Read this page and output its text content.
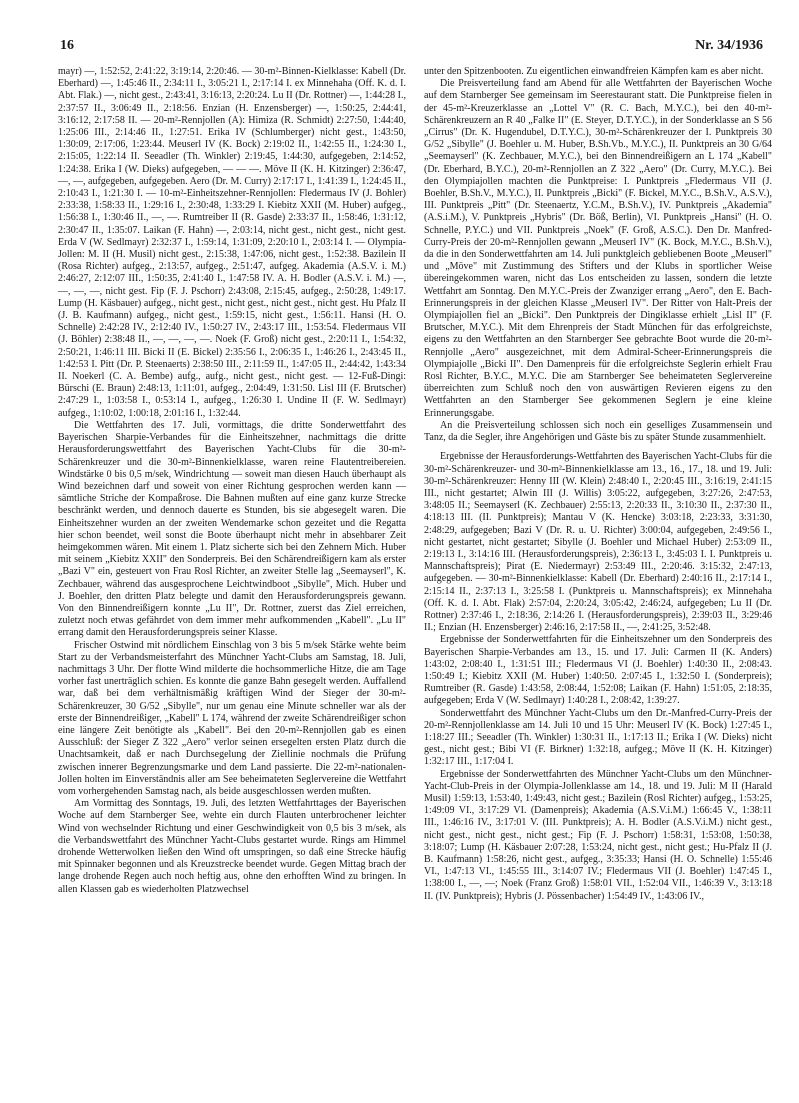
16	Nr. 34/1936

mayr) —, 1:52:52, 2:41:22, 3:19:14, 2:20:46. — 30-m²-Binnen-Kielklasse: Kabell (Dr. Eberhard) —, 1:45:46 II., 2:34:11 I., 3:05:21 I., 2:17:14 I. ex Minnehaha (Off. K. d. I. Abt. Flak.) —, nicht gest., 2:43:41, 3:16:13, 2:20:24. Lu II (Dr. Rottner) —, 1:44:28 I., 2:37:57 II., 3:06:49 II., 2:18:56. Enzian (H. Enzensberger) —, 1:50:25, 2:44:41, 3:16:12, 2:17:58 II. — 20-m²-Rennjollen (A): Himiza (R. Schmidt) 2:27:50, 1:44:40, 1:25:06 III., 2:14:46 II., 1:27:51. Erika IV (Schlumberger) nicht gest., 1:43:50, 1:30:09, 2:17:06, 1:23:44. Meuserl IV (K. Bock) 2:19:02 II., 1:42:55 II., 1:24:30 I., 2:15:05, 1:22:14 II. Seeadler (Th. Winkler) 2:19:45, 1:44:30, aufgegeben, 2:14:52, 1:24:38. Erika I (W. Dieks) aufgegeben, — — —. Möve II (K. H. Kitzinger) 2:36:47, —, —, aufgegeben, aufgegeben. Aero (Dr. M. Curry) 2:17:17 I., 1:41:39 I., 1:24:45 II., 2:10:43 I., 1:21:30 I. — 10-m²-Einheitszehner-Rennjollen: Fledermaus IV (J. Bohler) 2:33:38, 1:58:33 II., 1:29:16 I., 2:30:48, 1:33:29 I. Kiebitz XXII (M. Huber) aufgeg., 1:56:38 I., 1:30:46 II., —, —. Rumtreiber II (R. Gasde) 2:33:37 II., 1:58:46, 1:31:12, 2:30:47 II., 1:35:07. Laikan (F. Hahn) —, 2:03:14, nicht gest., nicht gest., nicht gest. Erda V (W. Sedlmayr) 2:32:37 I., 1:59:14, 1:31:09, 2:20:10 I., 2:03:14 I. — Olympia-Jollen: M. II (H. Musil) nicht gest., 2:15:38, 1:47:06, nicht gest., 1:52:38. Bazilein II (Rosa Richter) aufgeg., 2:13:57, aufgeg., 2:51:47, aufgeg. Akademia (A.S.V. i. M.) 2:46:27, 2:12:07 III., 1:50:35, 2:41:40 I., 1:47:58 IV. A. H. Bodler (A.S.V. i. M.) —, —, —, —, nicht gest. Fip (F. J. Pschorr) 2:43:08, 2:15:45, aufgeg., 2:50:28, 1:49:17. Lump (H. Käsbauer) aufgeg., nicht gest., nicht gest., nicht gest., nicht gest. Hu Pfalz II (J. B. Kaufmann) aufgeg., nicht gest., 1:59:15, nicht gest., 1:56:11. Hansi (H. O. Schnelle) 2:42:28 IV., 2:12:40 IV., 1:50:27 IV., 2:43:17 III., 1:53:54. Fledermaus VII (J. Böhler) 2:38:48 II., —, —, —, —. Noek (F. Groß) nicht gest., 2:20:11 I., 1:54:32, 2:50:21, 1:46:11 III. Bicki II (E. Bickel) 2:35:56 I., 2:06:35 I., 1:46:26 I., 2:43:45 II., 1:42:53 I. Pitt (Dr. P. Steenaerts) 2:38:50 III., 2:11:59 II., 1:47:05 II., 2:44:42, 1:43:34 II. Noekerl (C. A. Bembe) aufg., aufg., nicht gest., nicht gest. — 12-Fuß-Dingi: Bürschi (E. Braun) 2:48:13, 1:11:01, aufgeg., 2:04:49, 1:31:50. Lisl III (F. Brutscher) 2:47:29 I., 1:03:58 I., 0:53:14 I., aufgeg., 1:26:30 I. Undine II (F. W. Sedlmayr) aufgeg., 1:10:02, 1:00:18, 2:01:16 I., 1:32:44.

Die Wettfahrten des 17. Juli, vormittags, die dritte Sonderwettfahrt des Bayerischen Sharpie-Verbandes für die Einheitszehner, nachmittags die dritte Herausforderungswettfahrt des Bayerischen Yacht-Clubs für die 30-m²-Schärenkreuzer und die 30-m²-Binnenkielklasse, waren reine Flautentreibereien. Windstärke 0 bis 0,5 m/sek, Windrichtung — soweit man diesen Hauch überhaupt als Wind bezeichnen darf und soweit von einer Richtung gesprochen werden kann — sämtliche Striche der Kompaßrose. Die Bahnen mußten auf eine ganz kurze Strecke beschränkt werden, und dennoch dauerte es Stunden, bis sie abgesegelt waren. Die Einheitszehner wurden an der zweiten Wendemarke schon gezeitet und die Regatta hier schon beendet, weil sonst die Boote überhaupt nicht mehr in absehbarer Zeit heimgekommen wären. Mit einem 1. Platz sicherte sich bei den Zehnern Mich. Huber mit seinem „Kiebitz XXII" den Sonderpreis. Bei den Schärendreißigern kam als erster „Bazi V" ein, gesteuert von Frau Rosl Richter, an zweiter Stelle lag „Seemayserl", K. Zechbauer, während das ausgesprochene Leichtwindboot „Sibylle", Mich. Huber und J. Boehler, den dritten Platz belegte und damit den Herausforderungspreis gewann. Von den Binnendreißigern konnte „Lu II", Dr. Rottner, zuerst das Ziel erreichen, zuletzt noch etwas gefährdet von dem immer mehr aufkommenden „Kabell". „Lu II" errang damit den Herausforderungspreis seiner Klasse.

Frischer Ostwind mit nördlichem Einschlag von 3 bis 5 m/sek Stärke wehte beim Start zu der Verbandsmeisterfahrt des Münchner Yacht-Clubs am Samstag, 18. Juli, nachmittags 3 Uhr. Der flotte Wind milderte die hochsommerliche Hitze, die am Tage vorher fast unerträglich schien. Es konnte die ganze Bahn gesegelt werden. Auffallend war, daß bei dem verhältnismäßig kräftigen Wind der Sieger der 30-m²-Schärenkreuzer, 30 G/52 „Sibylle", nur um genau eine Minute schneller war als der erste der Binnendreißiger, „Kabell" L 174, während der zweite Schärendreißiger schon eine längere Zeit benötigte als „Kabell". Bei den 20-m²-Rennjollen gab es einen Ausschluß: der Sieger Z 322 „Aero" verlor seinen ersegelten ersten Platz durch die Unachtsamkeit, daß er nach Durchsegelung der Ziellinie nochmals die Prüfung zwischen innerer Begrenzungsmarke und dem Land passierte. Die 22-m²-nationalen-Jollen holten im Einverständnis aller am See beheimateten Seglervereine die Wettfahrt vom vorhergehenden Samstag nach, als beide ausgeschlossen werden mußten.

Am Vormittag des Sonntags, 19. Juli, des letzten Wettfahrttages der Bayerischen Woche auf dem Starnberger See, wehte ein durch Flauten unterbrochener leichter Wind von wechselnder Richtung und einer Geschwindigkeit von 0,5 bis 3 m/sek, als die Verbandswettfahrt des Münchner Yacht-Clubs gestartet wurde. Rings am Himmel drohende Wetterwolken ließen den Wind oft umspringen, so daß eine Strecke häufig mit Spinnaker begonnen und als Kreuzstrecke beendet wurde. Gegen Mittag brach der lange drohende Regen auch noch heftig aus, ohne den erhofften Wind zu bringen. In allen Klassen gab es wiederholten Platzwechsel

unter den Spitzenbooten. Zu eigentlichen einwandfreien Kämpfen kam es aber nicht.

Die Preisverteilung fand am Abend für alle Wettfahrten der Bayerischen Woche auf dem Starnberger See gemeinsam im Seerestaurant statt. Die Punktpreise fielen in der 45-m²-Kreuzerklasse an „Lottel V" (R. C. Bach, M.Y.C.), bei den 40-m²-Schärenkreuzern an R 40 „Falke II" (E. Steyer, D.T.Y.C.), in der Sonderklasse an S 56 „Cirrus" (Dr. K. Hugendubel, D.T.Y.C.), 30-m²-Schärenkreuzer der I. Punktpreis 30 G/52 „Sibylle" (J. Boehler u. M. Huber, B.Sh.Vb., M.Y.C.), II. Punktpreis an 30 G/64 „Seemayserl" (K. Zechbauer, M.Y.C.), bei den Binnendreißigern an L 174 „Kabell" (Dr. Eberhard, B.Y.C.), 20-m²-Rennjollen an Z 322 „Aero" (Dr. Curry, M.Y.C.). Bei den Olympiajollen machten die Punktpreise: I. Punktpreis „Fledermaus VII (J. Boehler, B.Sh.V., M.Y.C.), II. Punktpreis „Bicki" (F. Bickel, M.Y.C., B.Sh.V., A.S.V.), III. Punktpreis „Pitt" (Dr. Steenaertz, Y.C.M., B.Sh.V.), IV. Punktpreis „Akademia" (A.S.i.M.), V. Punktpreis „Hybris" (Dr. Böß, Berlin), VI. Punktpreis „Hansi" (H. O. Schnelle, P.Y.C.) und VII. Punktpreis „Noek" (F. Groß, A.S.C.). Den Dr. Manfred-Curry-Preis der 20-m²-Rennjollen gewann „Meuserl IV" (K. Bock, M.Y.C., B.Sh.V.), da die in den Sonderwettfahrten am 14. Juli punktgleich gebliebenen Boote „Meuserl" und „Möve" mit Zustimmung des Stifters und der Klubs in sportlicher Weise übereingekommen waren, nicht das Los entscheiden zu lassen, sondern die letzte Wettfahrt am Sonntag. Den M.Y.C.-Preis der Zwanziger errang „Aero", den E. Bach-Erinnerungspreis in der gleichen Klasse „Meuserl IV". Der Ritter von Halt-Preis der Olympiajollen fiel an „Bicki". Den Punktpreis der Dingiklasse erhielt „Lisl II" (F. Brutscher, M.Y.C.). Mit dem Ehrenpreis der Stadt München für das erfolgreichste, eigens zu den Wettfahrten an den Starnberger See gebrachte Boot wurde die 20-m²-Rennjolle „Aero" ausgezeichnet, mit dem Admiral-Scheer-Erinnerungspreis die Olympiajolle „Bicki II". Den Damenpreis für die erfolgreichste Seglerin erhielt Frau Rosl Richter, B.Y.C., M.Y.C. Die am Starnberger See beheimateten Seglervereine überreichten zum Schluß noch den von auswärtigen Revieren eigens zu den Wettfahrten an den Starnberger See gekommenen Seglern je eine kleine Erinnerungsgabe.

An die Preisverteilung schlossen sich noch ein geselliges Zusammensein und Tanz, da die Segler, ihre Angehörigen und Gäste bis zu später Stunde zusammenhielt.

Ergebnisse der Herausforderungs-Wettfahrten des Bayerischen Yacht-Clubs für die 30-m²-Schärenkreuzer- und 30-m²-Binnenkielklasse am 13., 16., 17., 18. und 19. Juli: 30-m²-Schärenkreuzer: Henny III (W. Klein) 2:48:40 I., 2:20:45 III., 3:16:19, 2:41:15 III., nicht gestartet; Alwin III (J. Willis) 3:05:22, aufgegeben, 3:27:26, 2:47:53, 3:48:05 II.; Seemayserl (K. Zechbauer) 2:55:13, 2:20:33 II., 3:10:30 II., 2:37:30 II., 4:18:13 III. (II. Punktpreis); Mantau V (K. Hencke) 3:03:18, 2:23:33, 3:31:30, 2:48:29, aufgegeben; Bazi V (Dr. R. u. U. Richter) 3:00:04, aufgegeben, 2:49:56 I., nicht gestartet, nicht gestartet; Sibylle (J. Boehler und Michael Huber) 2:53:09 II., 2:19:13 I., 3:14:16 III. (Herausforderungspreis), 2:36:13 I., 3:45:03 I. I. Punktpreis u. Mannschaftspreis); Pirat (E. Niedermayr) 2:53:49 III., 2:20:46. 3:15:32, 2:47:13, aufgegeben. — 30-m²-Binnenkielklasse: Kabell (Dr. Eberhard) 2:40:16 II., 2:17:14 I., 2:15:14 II., 2:37:13 I., 3:25:58 I. (Punktpreis u. Mannschaftspreis); ex Minnehaha (Off. K. d. I. Abt. Flak) 2:57:04, 2:20:24, 3:05:42, 2:46:24, aufgegeben; Lu II (Dr. Rottner) 2:37:46 I., 2:18:36, 2:14:26 I. (Herausforderungspreis), 2:39:03 II., 3:29:46 II.; Enzian (H. Enzensberger) 2:46:16, 2:17:58 II., —, 2:41:25, 3:52:48.

Ergebnisse der Sonderwettfahrten für die Einheitszehner um den Sonderpreis des Bayerischen Sharpie-Verbandes am 13., 15. und 17. Juli: Carmen II (K. Anders) 1:43:02, 2:08:40 I., 1:31:51 III.; Fledermaus VI (J. Boehler) 1:40:30 II., 2:08:43. 1:50:49 I.; Kiebitz XXII (M. Huber) 1:40:50. 2:07:45 I., 1:32:50 I. (Sonderpreis); Rumtreiber (R. Gasde) 1:43:58, 2:08:44, 1:52:08; Laikan (F. Hahn) 1:51:05, 2:18:35, aufgegeben; Erda V (W. Sedlmayr) 1:40:28 I., 2:08:42, 1:39:27.

Sonderwettfahrt des Münchner Yacht-Clubs um den Dr.-Manfred-Curry-Preis der 20-m²-Rennjollenklasse am 14. Juli 10 und 15 Uhr: Meuserl IV (K. Bock) 1:27:45 I., 1:18:27 III.; Seeadler (Th. Winkler) 1:30:31 II., 1:17:13 II.; Erika I (W. Dieks) nicht gest., nicht gest.; Bibi VI (F. Birkner) 1:32:18, aufgeg.; Möve II (K. H. Kitzinger) 1:32:17 III., 1:17:04 I.

Ergebnisse der Sonderwettfahrten des Münchner Yacht-Clubs um den Münchner-Yacht-Club-Preis in der Olympia-Jollenklasse am 14., 18. und 19. Juli: M II (Harald Musil) 1:59:13, 1:53:40, 1:49:43, nicht gest.; Bazilein (Rosl Richter) aufgeg., 1:53:25, 1:49:09 VI., 3:17:29 VI. (Damenpreis); Akademia (A.S.V.i.M.) 1:66:45 V., 1:38:11 III., 1:46:16 IV., 3:17:01 V. (III. Punktpreis); A. H. Bodler (A.S.V.i.M.) nicht gest., nicht gest., nicht gest., nicht gest.; Fip (F. J. Pschorr) 1:58:31, 1:53:08, 1:50:38, 3:18:07; Lump (H. Käsbauer 2:07:28, 1:53:24, nicht gest., nicht gest.; Hu-Pfalz II (J. B. Kaufmann) 1:58:26, nicht gest., aufgeg., 3:35:33; Hansi (H. O. Schnelle) 1:55:46 VI., 1:47:13 VI., 1:45:55 III., 3:14:07 IV.; Fledermaus VII (J. Boehler) 1:47:45 I., 1:38:00 I., —, —; Noek (Franz Groß) 1:58:01 VII., 1:52:04 VII., 1:46:39 V., 3:13:18 II. (IV. Punktpreis); Hybris (J. Pössenbacher) 1:54:49 IV., 1:43:06 IV.,
